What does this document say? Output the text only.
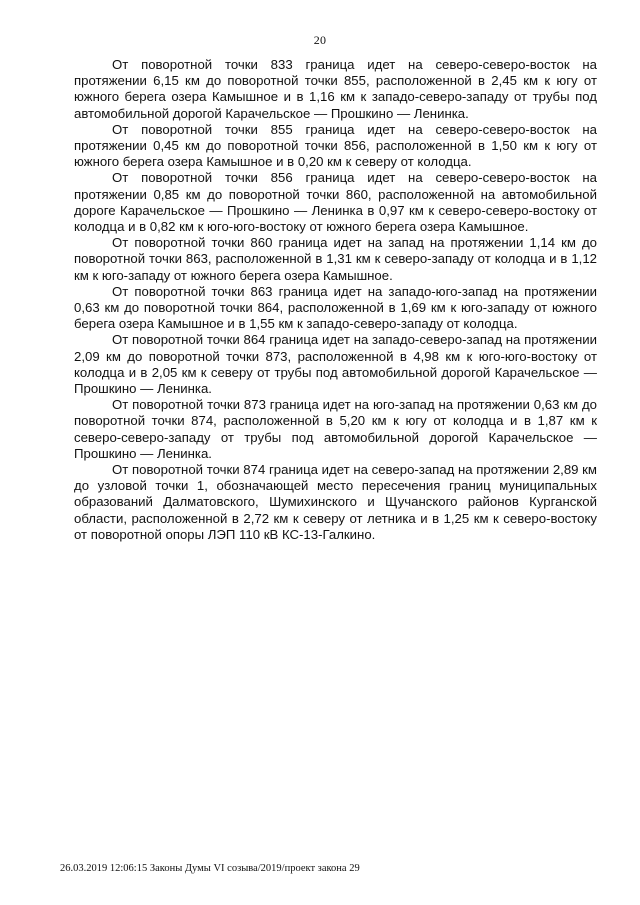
20

От поворотной точки 833 граница идет на северо-северо-восток на протяжении 6,15 км до поворотной точки 855, расположенной в 2,45 км к югу от южного берега озера Камышное и в 1,16 км к западо-северо-западу от трубы под автомобильной дорогой Карачельское — Прошкино — Ленинка.

От поворотной точки 855 граница идет на северо-северо-восток на протяжении 0,45 км до поворотной точки 856, расположенной в 1,50 км к югу от южного берега озера Камышное и в 0,20 км к северу от колодца.

От поворотной точки 856 граница идет на северо-северо-восток на протяжении 0,85 км до поворотной точки 860, расположенной на автомобильной дороге Карачельское — Прошкино — Ленинка в 0,97 км к северо-северо-востоку от колодца и в 0,82 км к юго-юго-востоку от южного берега озера Камышное.

От поворотной точки 860 граница идет на запад на протяжении 1,14 км до поворотной точки 863, расположенной в 1,31 км к северо-западу от колодца и в 1,12 км к юго-западу от южного берега озера Камышное.

От поворотной точки 863 граница идет на западо-юго-запад на протяжении 0,63 км до поворотной точки 864, расположенной в 1,69 км к юго-западу от южного берега озера Камышное и в 1,55 км к западо-северо-западу от колодца.

От поворотной точки 864 граница идет на западо-северо-запад на протяжении 2,09 км до поворотной точки 873, расположенной в 4,98 км к юго-юго-востоку от колодца и в 2,05 км к северу от трубы под автомобильной дорогой Карачельское — Прошкино — Ленинка.

От поворотной точки 873 граница идет на юго-запад на протяжении 0,63 км до поворотной точки 874, расположенной в 5,20 км к югу от колодца и в 1,87 км к северо-северо-западу от трубы под автомобильной дорогой Карачельское — Прошкино — Ленинка.

От поворотной точки 874 граница идет на северо-запад на протяжении 2,89 км до узловой точки 1, обозначающей место пересечения границ муниципальных образований Далматовского, Шумихинского и Щучанского районов Курганской области, расположенной в 2,72 км к северу от летника и в 1,25 км к северо-востоку от поворотной опоры ЛЭП 110 кВ КС-13-Галкино.

26.03.2019 12:06:15 Законы Думы VI созыва/2019/проект закона 29
